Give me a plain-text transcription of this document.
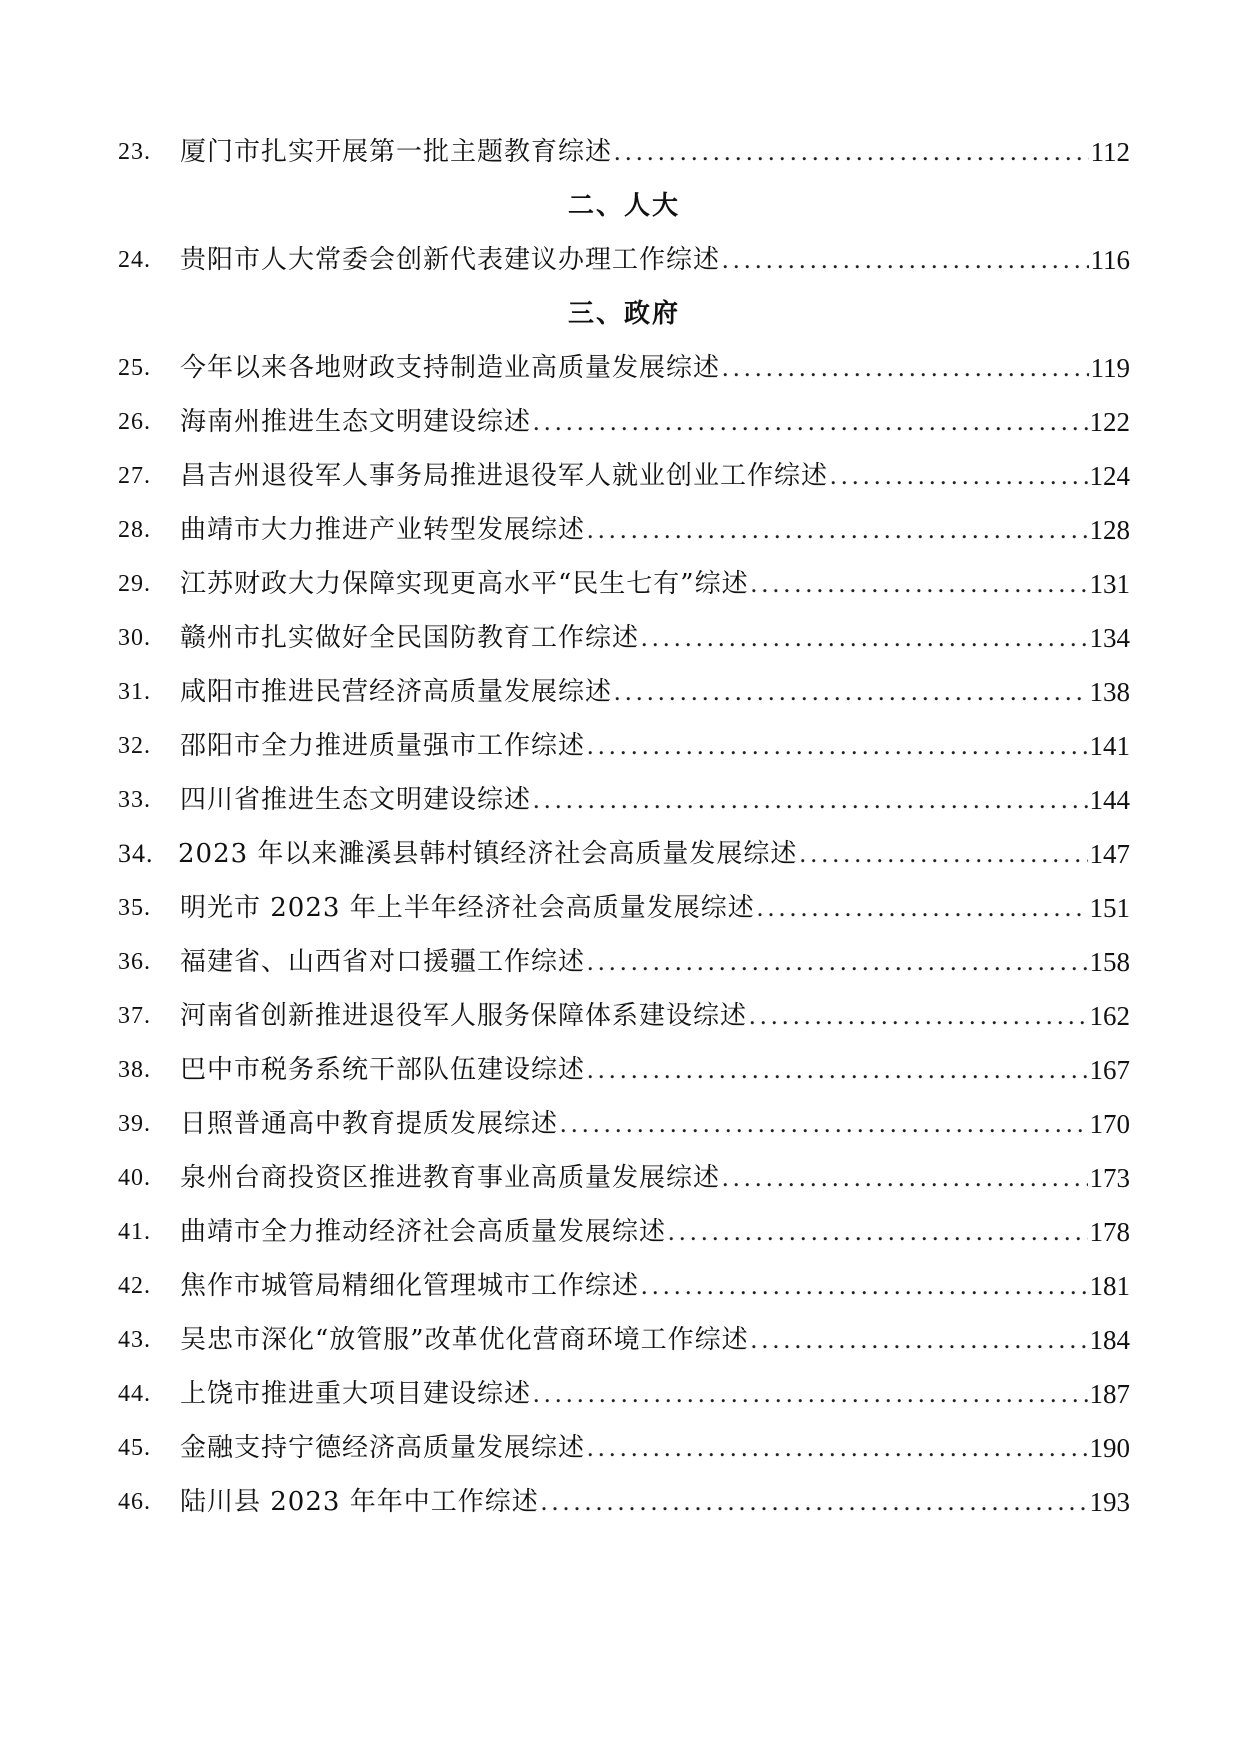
23.	厦门市扎实开展第一批主题教育综述 . . .	112
二、人大
24.	贵阳市人大常委会创新代表建议办理工作综述 . . .	116
三、政府
25.	今年以来各地财政支持制造业高质量发展综述 . . .	119
26.	海南州推进生态文明建设综述 . . .	122
27.	昌吉州退役军人事务局推进退役军人就业创业工作综述 . . .	124
28.	曲靖市大力推进产业转型发展综述 . . .	128
29.	江苏财政大力保障实现更高水平“民生七有”综述 . . .	131
30.	赣州市扎实做好全民国防教育工作综述 . . .	134
31.	咸阳市推进民营经济高质量发展综述 . . .	138
32.	邵阳市全力推进质量强市工作综述 . . .	141
33.	四川省推进生态文明建设综述 . . .	144
34. 2023 年以来濉溪县韩村镇经济社会高质量发展综述 . . .	147
35.	明光市 2023 年上半年经济社会高质量发展综述 . . .	151
36.	福建省、山西省对口援疆工作综述 . . .	158
37.	河南省创新推进退役军人服务保障体系建设综述 . . .	162
38.	巴中市税务系统干部队伍建设综述 . . .	167
39.	日照普通高中教育提质发展综述 . . .	170
40.	泉州台商投资区推进教育事业高质量发展综述 . . .	173
41.	曲靖市全力推动经济社会高质量发展综述 . . .	178
42.	焦作市城管局精细化管理城市工作综述 . . .	181
43.	吴忠市深化“放管服”改革优化营商环境工作综述 . . .	184
44.	上饶市推进重大项目建设综述 . . .	187
45.	金融支持宁德经济高质量发展综述 . . .	190
46.	陆川县 2023 年年中工作综述 . . .	193
